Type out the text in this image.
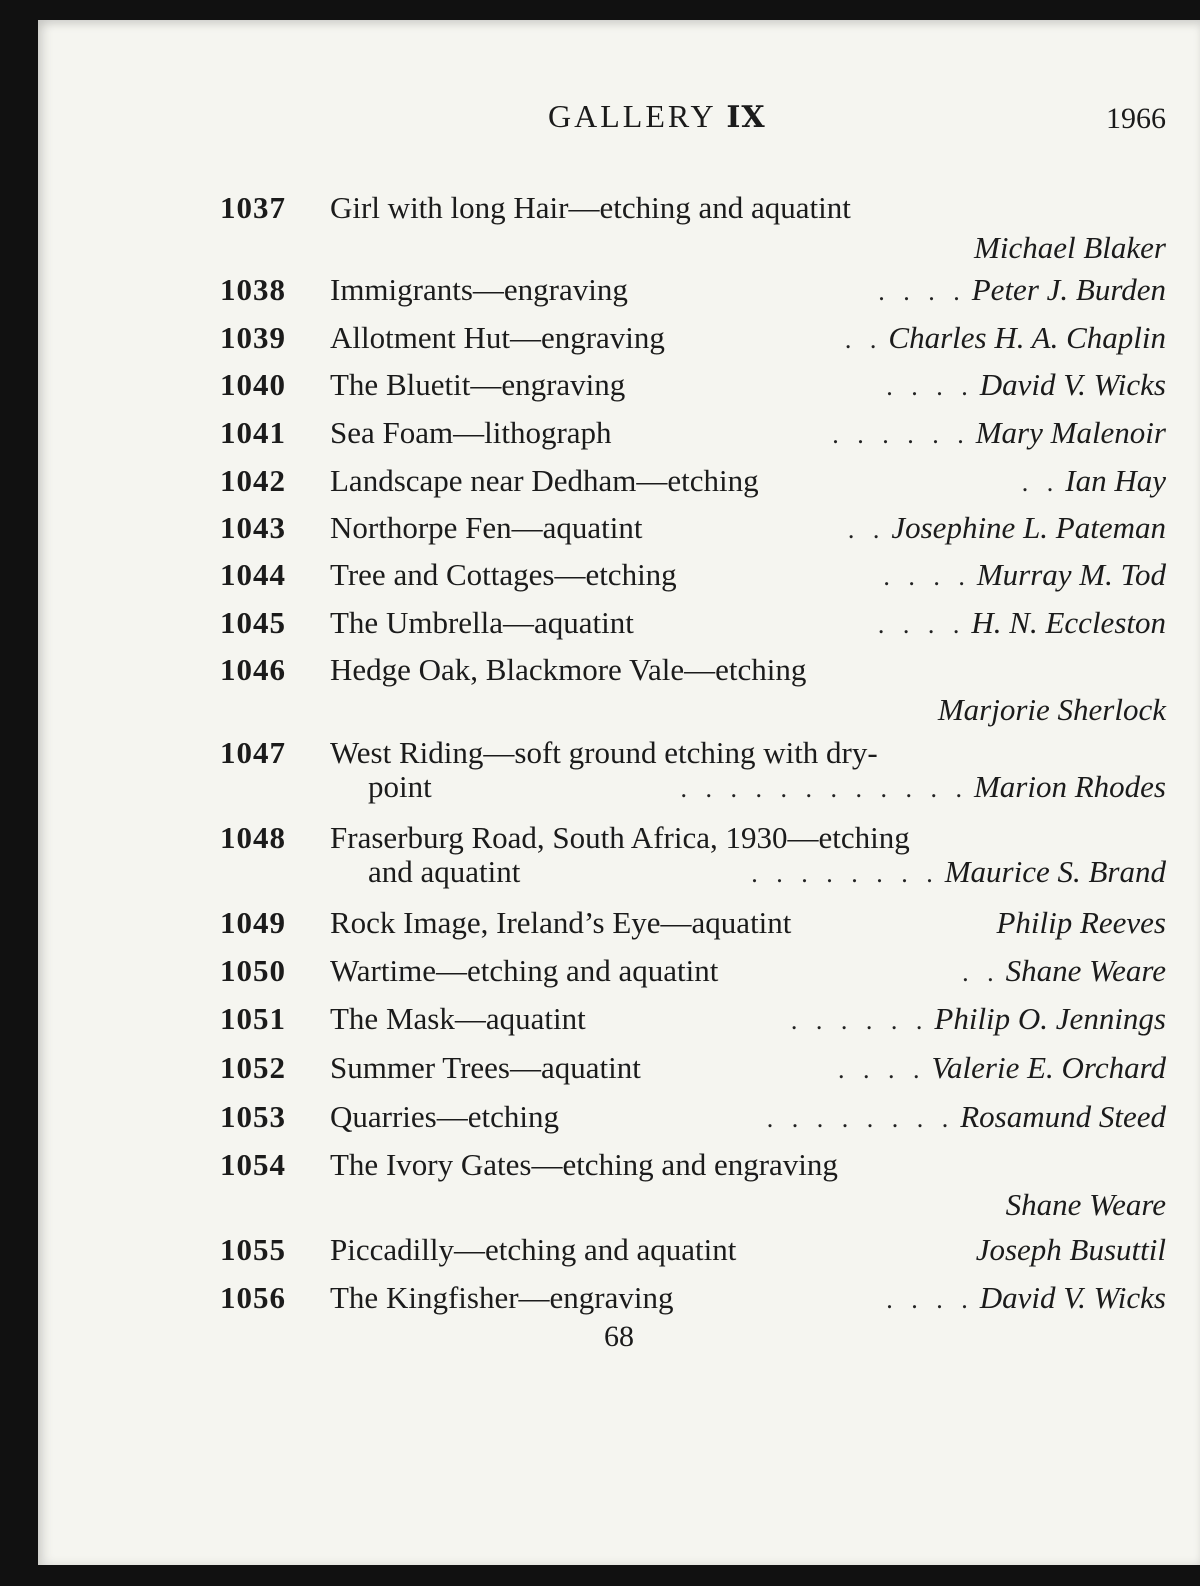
GALLERY IX	1966
1037 Girl with long Hair —etching and aquatint
Michael Blaker
1038 Immigrants —engraving	. . . . Peter J. Burden
1039 Allotment Hut —engraving	. . Charles H. A. Chaplin
1040 The Bluetit —engraving	. . . . David V. Wicks
1041 Sea Foam —lithograph	. . . . . . Mary Malenoir
1042 Landscape near Dedham —etching	. . Ian Hay
1043 Northorpe Fen —aquatint	. . Josephine L. Pateman
1044 Tree and Cottages —etching	. . . . Murray M. Tod
1045 The Umbrella —aquatint	. . . . H. N. Eccleston
1046 Hedge Oak, Blackmore Vale —etching
Marjorie Sherlock
1047 West Riding —soft ground etching with dry-
point	. . . . . . . . . . . . Marion Rhodes
1048 Fraserburg Road, South Africa, 1930 —etching
and aquatint	. . . . . . . . Maurice S. Brand
1049 Rock Image, Ireland’s Eye —aquatint	Philip Reeves
1050 Wartime —etching and aquatint	. . Shane Weare
1051 The Mask —aquatint	. . . . . . Philip O. Jennings
1052 Summer Trees —aquatint	. . . . Valerie E. Orchard
1053 Quarries —etching	. . . . . . . . Rosamund Steed
1054 The Ivory Gates —etching and engraving
Shane Weare
1055 Piccadilly —etching and aquatint	Joseph Busuttil
1056 The Kingfisher —engraving	. . . . David V. Wicks
68
